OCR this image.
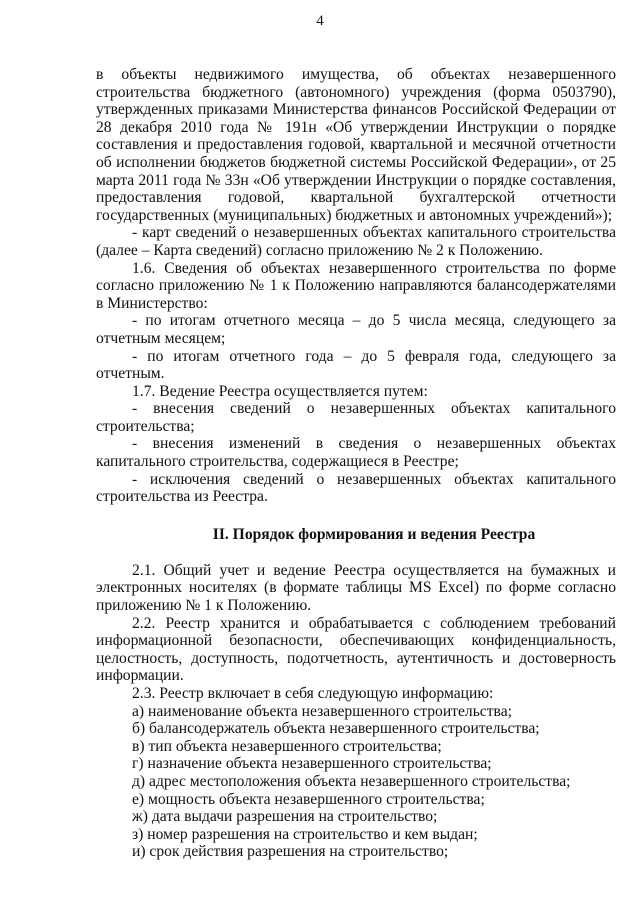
4

в объекты недвижимого имущества, об объектах незавершенного строительства бюджетного (автономного) учреждения (форма 0503790), утвержденных приказами Министерства финансов Российской Федерации от 28 декабря 2010 года № 191н «Об утверждении Инструкции о порядке составления и предоставления годовой, квартальной и месячной отчетности об исполнении бюджетов бюджетной системы Российской Федерации», от 25 марта 2011 года № 33н «Об утверждении Инструкции о порядке составления, предоставления годовой, квартальной бухгалтерской отчетности государственных (муниципальных) бюджетных и автономных учреждений»);

- карт сведений о незавершенных объектах капитального строительства (далее – Карта сведений) согласно приложению № 2 к Положению.

1.6. Сведения об объектах незавершенного строительства по форме согласно приложению № 1 к Положению направляются балансодержателями в Министерство:

- по итогам отчетного месяца – до 5 числа месяца, следующего за отчетным месяцем;

- по итогам отчетного года – до 5 февраля года, следующего за отчетным.

1.7. Ведение Реестра осуществляется путем:

- внесения сведений о незавершенных объектах капитального строительства;

- внесения изменений в сведения о незавершенных объектах капитального строительства, содержащиеся в Реестре;

- исключения сведений о незавершенных объектах капитального строительства из Реестра.

II. Порядок формирования и ведения Реестра

2.1. Общий учет и ведение Реестра осуществляется на бумажных и электронных носителях (в формате таблицы MS Excel) по форме согласно приложению № 1 к Положению.

2.2. Реестр хранится и обрабатывается с соблюдением требований информационной безопасности, обеспечивающих конфиденциальность, целостность, доступность, подотчетность, аутентичность и достоверность информации.

2.3. Реестр включает в себя следующую информацию:

а) наименование объекта незавершенного строительства;
б) балансодержатель объекта незавершенного строительства;
в) тип объекта незавершенного строительства;
г) назначение объекта незавершенного строительства;
д) адрес местоположения объекта незавершенного строительства;
е) мощность объекта незавершенного строительства;
ж) дата выдачи разрешения на строительство;
з) номер разрешения на строительство и кем выдан;
и) срок действия разрешения на строительство;
